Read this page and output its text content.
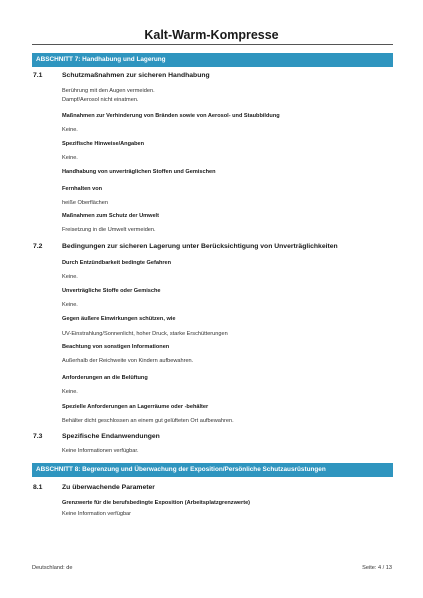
Kalt-Warm-Kompresse
ABSCHNITT 7: Handhabung und Lagerung
7.1	Schutzmaßnahmen zur sicheren Handhabung
Berührung mit den Augen vermeiden.
Dampf/Aerosol nicht einatmen.
Maßnahmen zur Verhinderung von Bränden sowie von Aerosol- und Staubbildung
Keine.
Spezifische Hinweise/Angaben
Keine.
Handhabung von unverträglichen Stoffen und Gemischen
Fernhalten von
heiße Oberflächen
Maßnahmen zum Schutz der Umwelt
Freisetzung in die Umwelt vermeiden.
7.2	Bedingungen zur sicheren Lagerung unter Berücksichtigung von Unverträglichkeiten
Durch Entzündbarkeit bedingte Gefahren
Keine.
Unverträgliche Stoffe oder Gemische
Keine.
Gegen äußere Einwirkungen schützen, wie
UV-Einstrahlung/Sonnenlicht, hoher Druck, starke Erschütterungen
Beachtung von sonstigen Informationen
Außerhalb der Reichweite von Kindern aufbewahren.
Anforderungen an die Belüftung
Keine.
Spezielle Anforderungen an Lagerräume oder -behälter
Behälter dicht geschlossen an einem gut gelüfteten Ort aufbewahren.
7.3	Spezifische Endanwendungen
Keine Informationen verfügbar.
ABSCHNITT 8: Begrenzung und Überwachung der Exposition/Persönliche Schutzausrüstungen
8.1	Zu überwachende Parameter
Grenzwerte für die berufsbedingte Exposition (Arbeitsplatzgrenzwerte)
Keine Information verfügbar
Deutschland: de	Seite: 4 / 13
